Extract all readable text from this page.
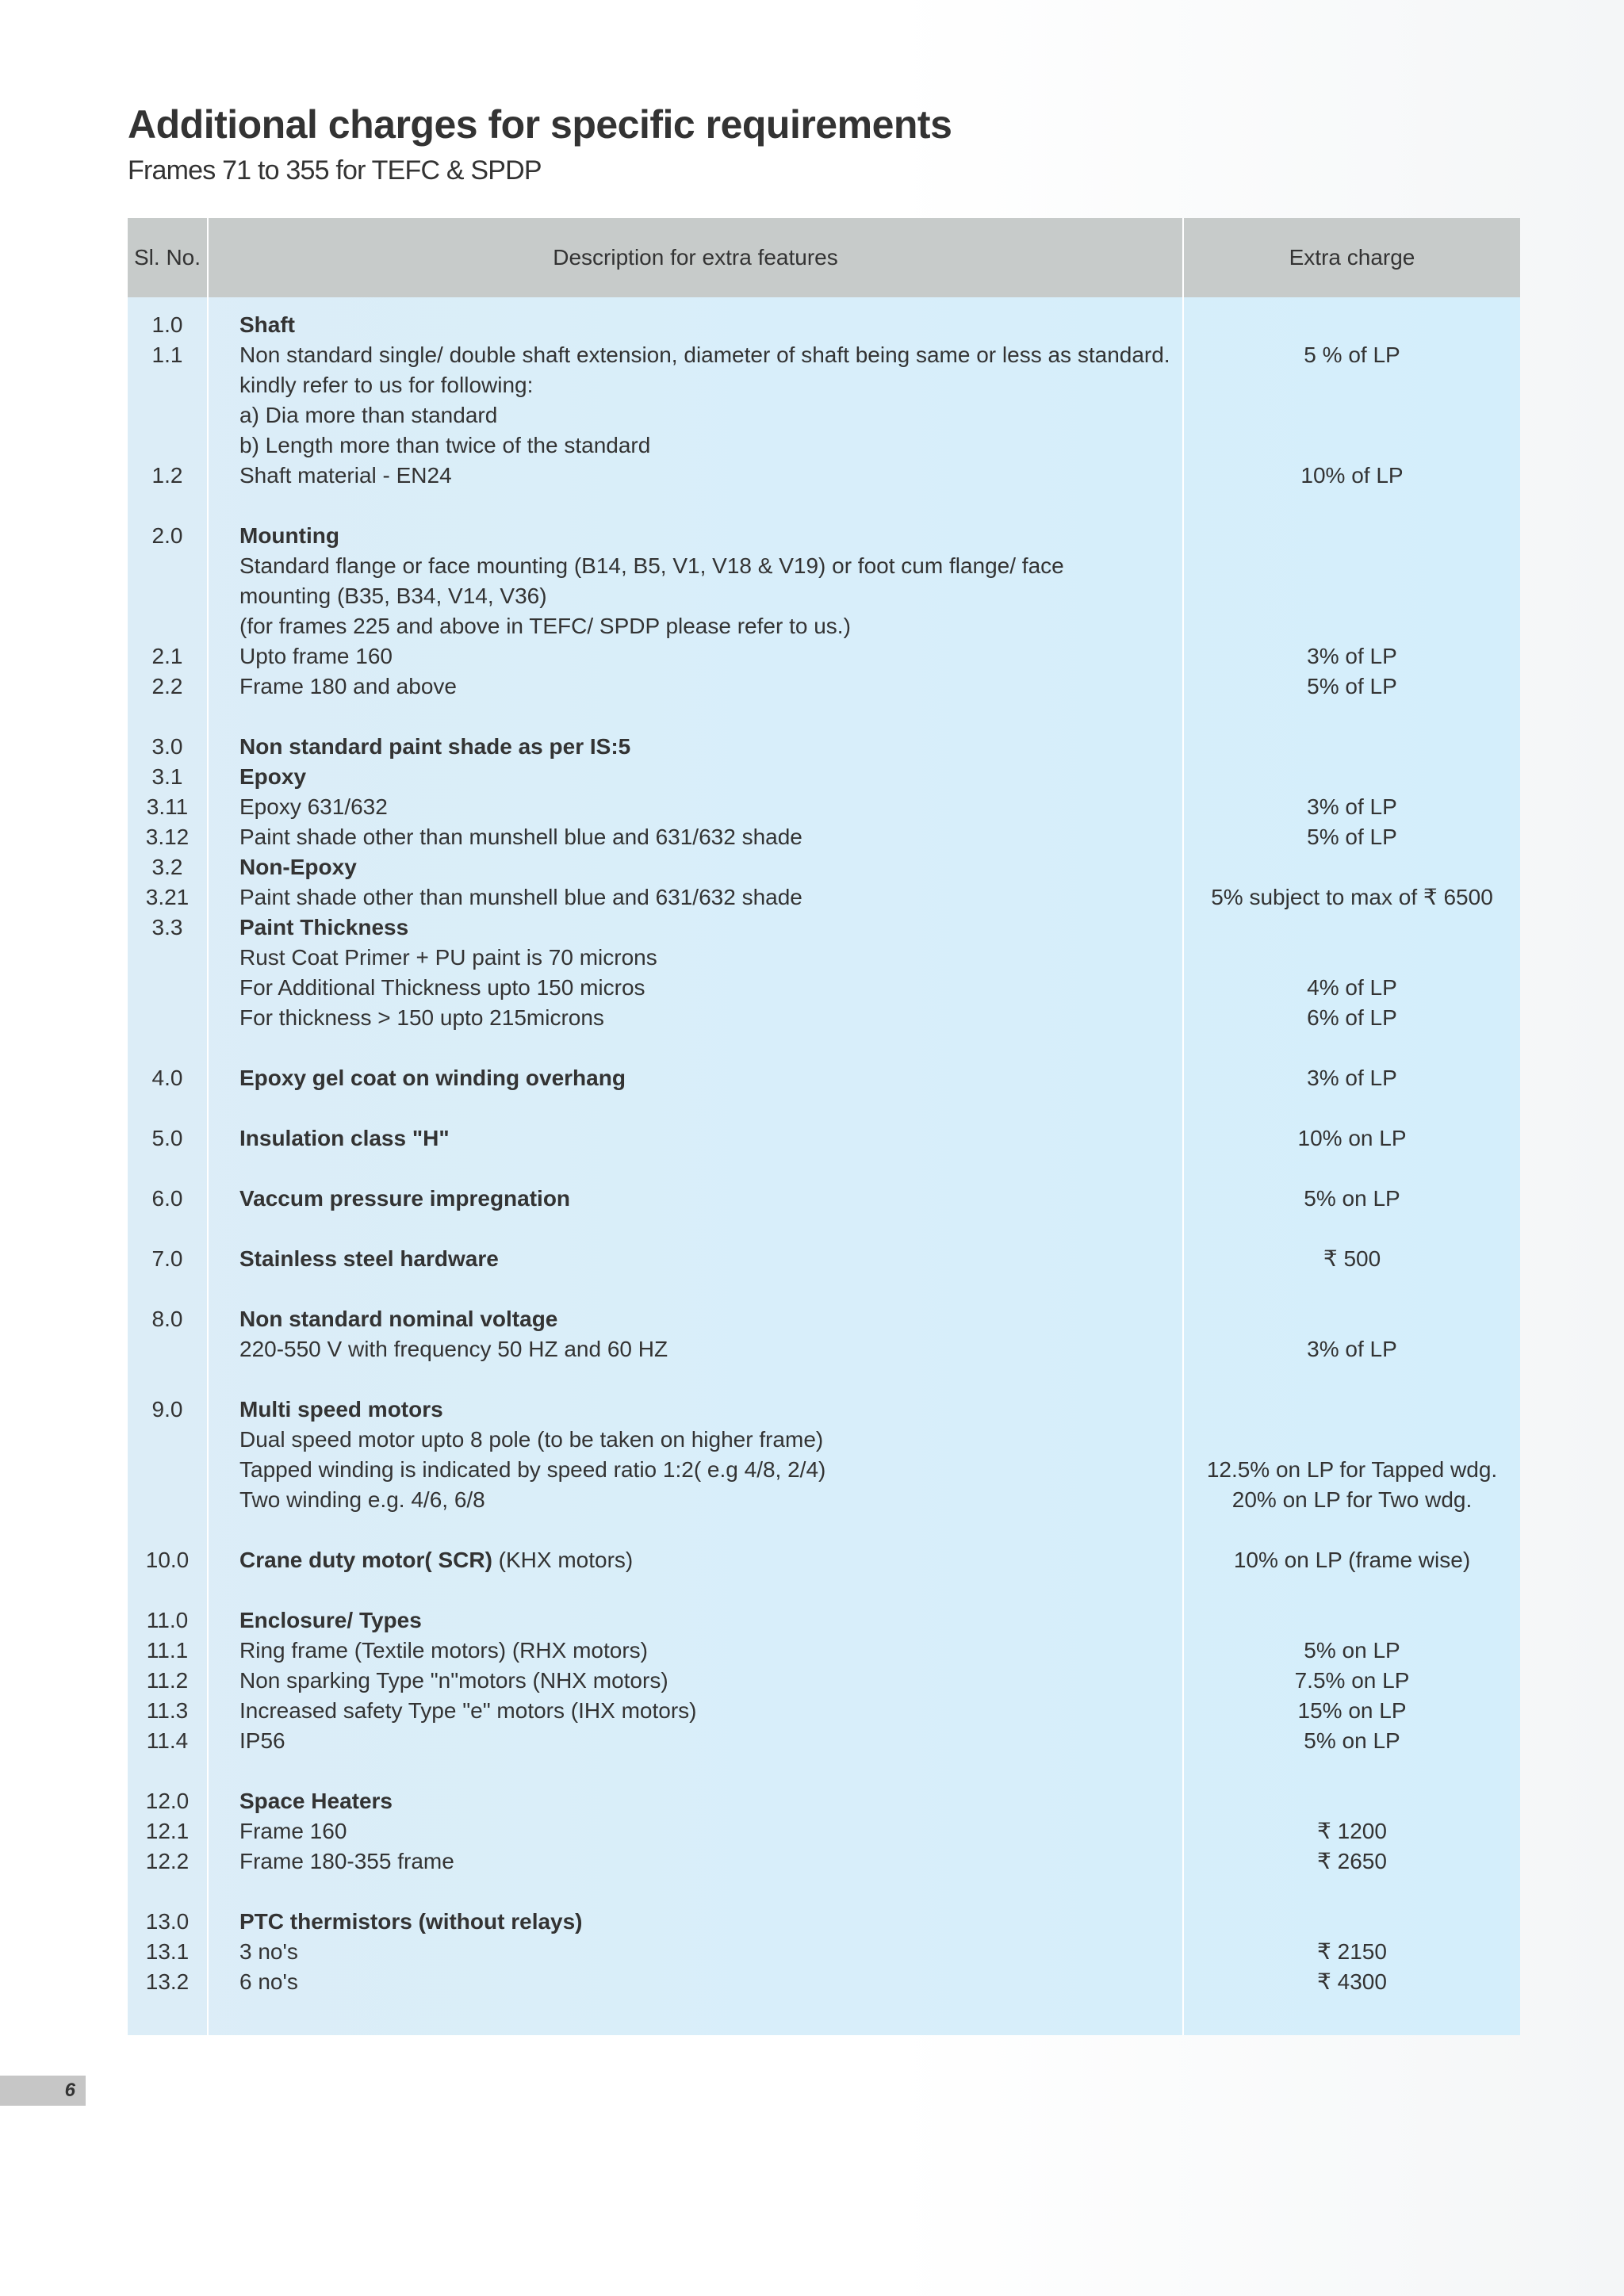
Additional charges for specific requirements

Frames 71 to 355 for TEFC & SPDP

Sl. No.	Description for extra features	Extra charge
1.0	Shaft
1.1	Non standard single/ double shaft extension, diameter of shaft being same or less as standard.	5 % of LP
kindly refer to us for following:
a) Dia more than standard
b) Length more than twice of the standard
1.2	Shaft material - EN24	10% of LP
2.0	Mounting
Standard flange or face mounting (B14, B5, V1, V18 & V19) or foot cum flange/ face
mounting (B35, B34, V14, V36)
(for frames 225 and above in TEFC/ SPDP please refer to us.)
2.1	Upto frame 160	3% of LP
2.2	Frame 180 and above	5% of LP
3.0	Non standard paint shade as per IS:5
3.1	Epoxy
3.11	Epoxy 631/632	3% of LP
3.12	Paint shade other than munshell blue and 631/632 shade	5% of LP
3.2	Non-Epoxy
3.21	Paint shade other than munshell blue and 631/632 shade	5% subject to max of ₹ 6500
3.3	Paint Thickness
Rust Coat Primer + PU paint is 70 microns
For Additional Thickness upto 150 micros	4% of LP
For thickness > 150 upto 215microns	6% of LP
4.0	Epoxy gel coat on winding overhang	3% of LP
5.0	Insulation class "H"	10% on LP
6.0	Vaccum pressure impregnation	5% on LP
7.0	Stainless steel hardware	₹ 500
8.0	Non standard nominal voltage
220-550 V with frequency 50 HZ and 60 HZ	3% of LP
9.0	Multi speed motors
Dual speed motor upto 8 pole (to be taken on higher frame)
Tapped winding is indicated by speed ratio 1:2( e.g 4/8, 2/4)	12.5% on LP for Tapped wdg.
Two winding e.g. 4/6, 6/8	20% on LP for Two wdg.
10.0	Crane duty motor( SCR) (KHX motors)	10% on LP (frame wise)
11.0	Enclosure/ Types
11.1	Ring frame (Textile motors) (RHX motors)	5% on LP
11.2	Non sparking Type "n"motors (NHX motors)	7.5% on LP
11.3	Increased safety Type "e" motors (IHX motors)	15% on LP
11.4	IP56	5% on LP
12.0	Space Heaters
12.1	Frame 160	₹ 1200
12.2	Frame 180-355 frame	₹ 2650
13.0	PTC thermistors (without relays)
13.1	3 no's	₹ 2150
13.2	6 no's	₹ 4300
6
